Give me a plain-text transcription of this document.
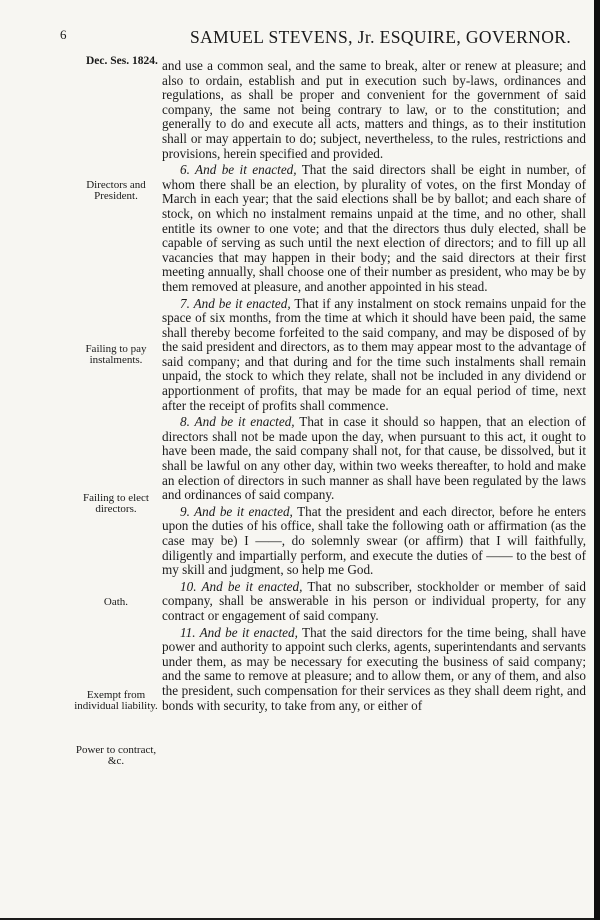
6	SAMUEL STEVENS, Jr. ESQUIRE, GOVERNOR.
Dec. Ses. 1824.
Directors and President.
Failing to pay instalments.
Failing to elect directors.
Oath.
Exempt from individual liability.
Power to contract, &c.

and use a common seal, and the same to break, alter or renew at pleasure; and also to ordain, establish and put in execution such by-laws, ordinances and regulations, as shall be proper and convenient for the government of said company, the same not being contrary to law, or to the constitution; and generally to do and execute all acts, matters and things, as to their institution shall or may appertain to do; subject, nevertheless, to the rules, restrictions and provisions, herein specified and provided.

6. And be it enacted, That the said directors shall be eight in number, of whom there shall be an election, by plurality of votes, on the first Monday of March in each year; that the said elections shall be by ballot; and each share of stock, on which no instalment remains unpaid at the time, and no other, shall entitle its owner to one vote; and that the directors thus duly elected, shall be capable of serving as such until the next election of directors; and to fill up all vacancies that may happen in their body; and the said directors at their first meeting annually, shall choose one of their number as president, who may be by them removed at pleasure, and another appointed in his stead.

7. And be it enacted, That if any instalment on stock remains unpaid for the space of six months, from the time at which it should have been paid, the same shall thereby become forfeited to the said company, and may be disposed of by the said president and directors, as to them may appear most to the advantage of said company; and that during and for the time such instalments shall remain unpaid, the stock to which they relate, shall not be included in any dividend or apportionment of profits, that may be made for an equal period of time, next after the receipt of profits shall commence.

8. And be it enacted, That in case it should so happen, that an election of directors shall not be made upon the day, when pursuant to this act, it ought to have been made, the said company shall not, for that cause, be dissolved, but it shall be lawful on any other day, within two weeks thereafter, to hold and make an election of directors in such manner as shall have been regulated by the laws and ordinances of said company.

9. And be it enacted, That the president and each director, before he enters upon the duties of his office, shall take the following oath or affirmation (as the case may be) I ——, do solemnly swear (or affirm) that I will faithfully, diligently and impartially perform, and execute the duties of —— to the best of my skill and judgment, so help me God.

10. And be it enacted, That no subscriber, stockholder or member of said company, shall be answerable in his person or individual property, for any contract or engagement of said company.

11. And be it enacted, That the said directors for the time being, shall have power and authority to appoint such clerks, agents, superintendants and servants under them, as may be necessary for executing the business of said company; and the same to remove at pleasure; and to allow them, or any of them, and also the president, such compensation for their services as they shall deem right, and bonds with security, to take from any, or either of
